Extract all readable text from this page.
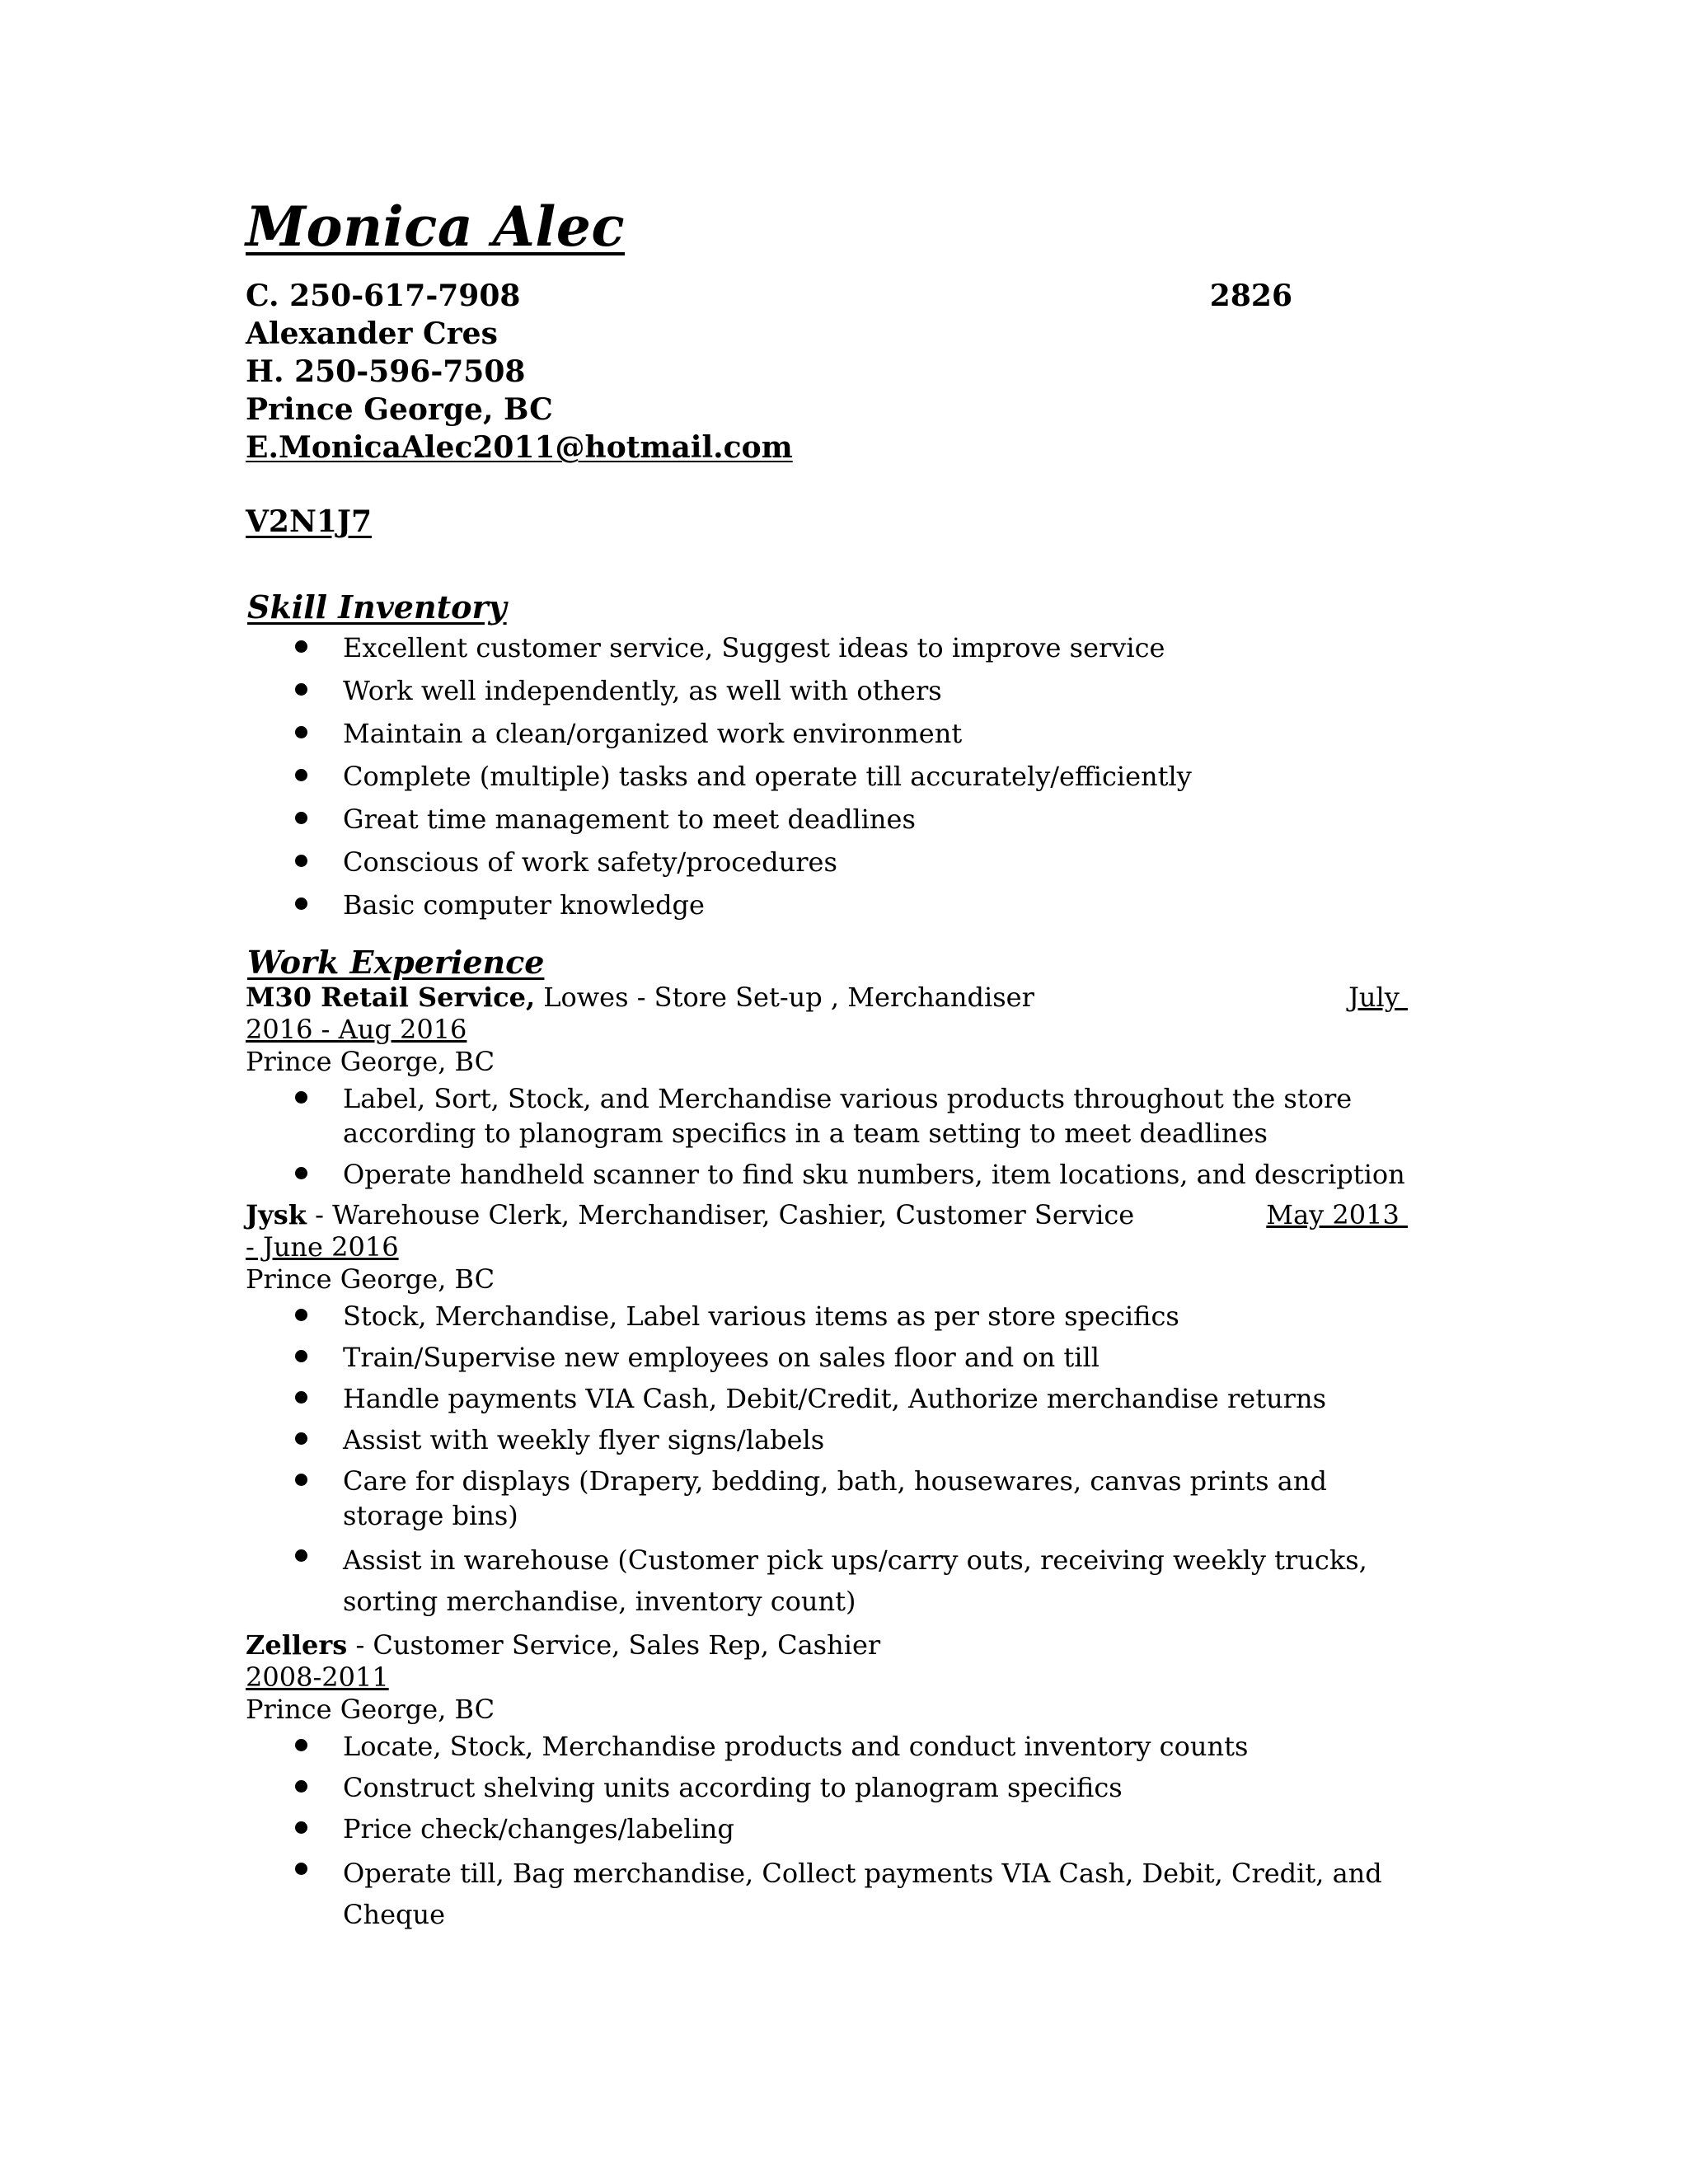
Monica Alec
C. 250-617-7908	2826
Alexander Cres
H. 250-596-7508
Prince George, BC
E.MonicaAlec2011@hotmail.com
V2N1J7
Skill Inventory
Excellent customer service, Suggest ideas to improve service
Work well independently, as well with others
Maintain a clean/organized work environment
Complete (multiple) tasks and operate till accurately/efficiently
Great time management to meet deadlines
Conscious of work safety/procedures
Basic computer knowledge
Work Experience
M30 Retail Service, Lowes - Store Set-up , Merchandiser	July
2016 - Aug 2016
Prince George, BC
Label, Sort, Stock, and Merchandise various products throughout the store according to planogram specifics in a team setting to meet deadlines
Operate handheld scanner to find sku numbers, item locations, and description
Jysk - Warehouse Clerk, Merchandiser, Cashier, Customer Service	May 2013
- June 2016
Prince George, BC
Stock, Merchandise, Label various items as per store specifics
Train/Supervise new employees on sales floor and on till
Handle payments VIA Cash, Debit/Credit, Authorize merchandise returns
Assist with weekly flyer signs/labels
Care for displays (Drapery, bedding, bath, housewares, canvas prints and storage bins)
Assist in warehouse (Customer pick ups/carry outs, receiving weekly trucks, sorting merchandise, inventory count)
Zellers - Customer Service, Sales Rep, Cashier
2008-2011
Prince George, BC
Locate, Stock, Merchandise products and conduct inventory counts
Construct shelving units according to planogram specifics
Price check/changes/labeling
Operate till, Bag merchandise, Collect payments VIA Cash, Debit, Credit, and Cheque
